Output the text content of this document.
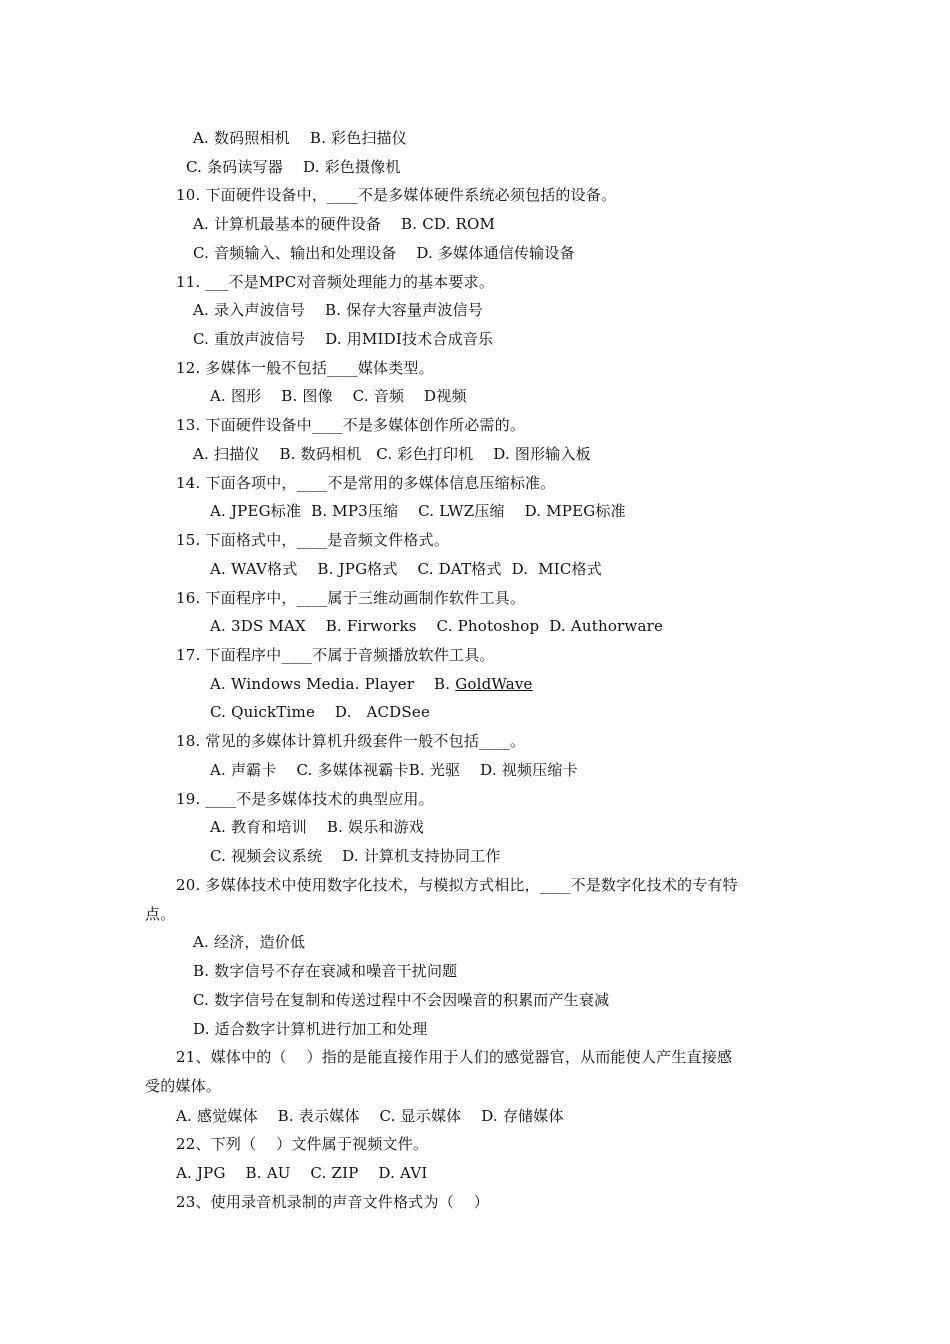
A. 数码照相机    B. 彩色扫描仪
C. 条码读写器    D. 彩色摄像机
10. 下面硬件设备中，____不是多媒体硬件系统必须包括的设备。
A. 计算机最基本的硬件设备    B. CD. ROM
C. 音频输入、输出和处理设备    D. 多媒体通信传输设备
11. ___不是MPC对音频处理能力的基本要求。
A. 录入声波信号    B. 保存大容量声波信号
C. 重放声波信号    D. 用MIDI技术合成音乐
12. 多媒体一般不包括____媒体类型。
A. 图形    B. 图像    C. 音频    D视频
13. 下面硬件设备中____不是多媒体创作所必需的。
A. 扫描仪    B. 数码相机   C. 彩色打印机    D. 图形输入板
14. 下面各项中，____不是常用的多媒体信息压缩标准。
A. JPEG标准  B. MP3压缩    C. LWZ压缩    D. MPEG标准
15. 下面格式中，____是音频文件格式。
A. WAV格式    B. JPG格式    C. DAT格式  D.  MIC格式
16. 下面程序中，____属于三维动画制作软件工具。
A. 3DS MAX    B. Firworks    C. Photoshop  D. Authorware
17. 下面程序中____不属于音频播放软件工具。
A. Windows Media. Player    B. GoldWave
C. QuickTime    D.   ACDSee
18. 常见的多媒体计算机升级套件一般不包括____。
A. 声霸卡    C. 多媒体视霸卡B. 光驱    D. 视频压缩卡
19. ____不是多媒体技术的典型应用。
A. 教育和培训    B. 娱乐和游戏
C. 视频会议系统    D. 计算机支持协同工作
20. 多媒体技术中使用数字化技术，与模拟方式相比，____不是数字化技术的专有特
点。
A. 经济，造价低
B. 数字信号不存在衰减和噪音干扰问题
C. 数字信号在复制和传送过程中不会因噪音的积累而产生衰减
D. 适合数字计算机进行加工和处理
21、媒体中的（    ）指的是能直接作用于人们的感觉器官，从而能使人产生直接感
受的媒体。
A. 感觉媒体    B. 表示媒体    C. 显示媒体    D. 存储媒体
22、下列（    ）文件属于视频文件。
A. JPG    B. AU    C. ZIP    D. AVI
23、使用录音机录制的声音文件格式为（    ）
